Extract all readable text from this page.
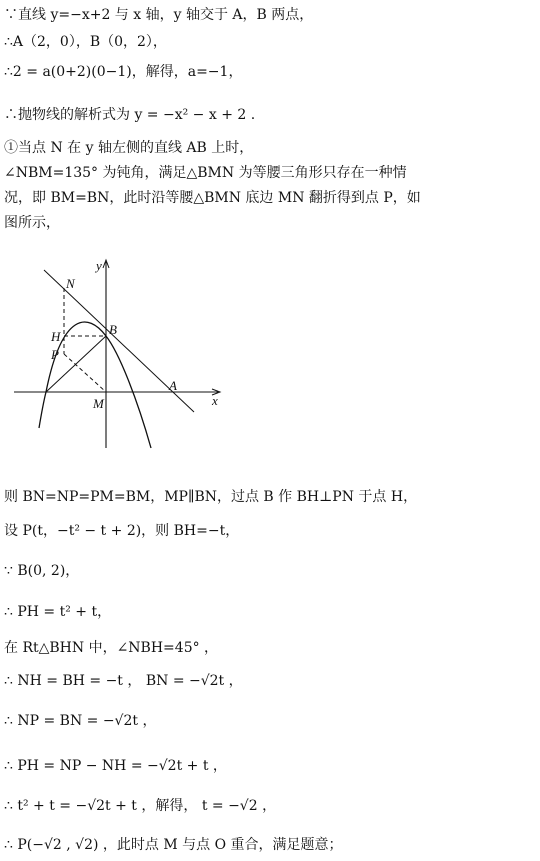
∵直线 y=−x+2 与 x 轴，y 轴交于 A，B 两点，
∴A（2，0），B（0，2），
∴2 = a(0+2)(0−1)，解得，a=−1，
∴抛物线的解析式为 y = −x² − x + 2 .
①当点 N 在 y 轴左侧的直线 AB 上时，
∠NBM=135° 为钝角，满足△BMN 为等腰三角形只存在一种情
况，即 BM=BN，此时沿等腰△BMN 底边 MN 翻折得到点 P，如
图所示，
则 BN=NP=PM=BM，MP∥BN，过点 B 作 BH⊥PN 于点 H，
设 P(t，−t² − t + 2)，则 BH=−t，
∵ B(0, 2)，
∴ PH = t² + t，
在 Rt△BHN 中，∠NBH=45° ，
∴ NH = BH = −t ， BN = −√2t ，
∴ NP = BN = −√2t ，
∴ PH = NP − NH = −√2t + t ，
∴ t² + t = −√2t + t ，解得， t = −√2 ，
∴ P(−√2 , √2) ，此时点 M 与点 O 重合，满足题意；
y
x
N
H	B
P
A
M
